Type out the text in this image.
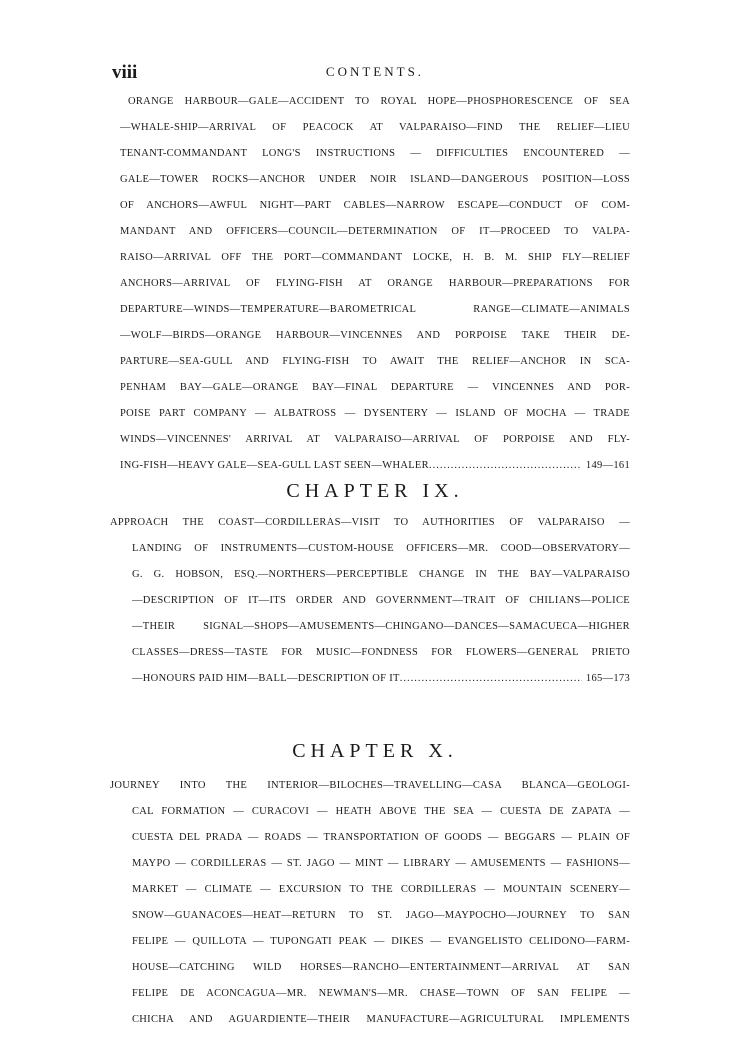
viii	CONTENTS.
ORANGE HARBOUR—GALE—ACCIDENT TO ROYAL HOPE—PHOSPHORESCENCE OF SEA
—WHALE-SHIP—ARRIVAL OF PEACOCK AT VALPARAISO—FIND THE RELIEF—LIEU
TENANT-COMMANDANT LONG'S INSTRUCTIONS — DIFFICULTIES ENCOUNTERED —
GALE—TOWER ROCKS—ANCHOR UNDER NOIR ISLAND—DANGEROUS POSITION—LOSS
OF ANCHORS—AWFUL NIGHT—PART CABLES—NARROW ESCAPE—CONDUCT OF COM-
MANDANT AND OFFICERS—COUNCIL—DETERMINATION OF IT—PROCEED TO VALPA-
RAISO—ARRIVAL OFF THE PORT—COMMANDANT LOCKE, H. B. M. SHIP FLY—RELIEF
ANCHORS—ARRIVAL OF FLYING-FISH AT ORANGE HARBOUR—PREPARATIONS FOR
DEPARTURE—WINDS—TEMPERATURE—BAROMETRICAL RANGE—CLIMATE—ANIMALS
—WOLF—BIRDS—ORANGE HARBOUR—VINCENNES AND PORPOISE TAKE THEIR DE-
PARTURE—SEA-GULL AND FLYING-FISH TO AWAIT THE RELIEF—ANCHOR IN SCA-
PENHAM BAY—GALE—ORANGE BAY—FINAL DEPARTURE — VINCENNES AND POR-
POISE PART COMPANY — ALBATROSS — DYSENTERY — ISLAND OF MOCHA — TRADE
WINDS—VINCENNES' ARRIVAL AT VALPARAISO—ARRIVAL OF PORPOISE AND FLY-
ING-FISH—HEAVY GALE—SEA-GULL LAST SEEN—WHALER .....	149—161
CHAPTER IX.
APPROACH THE COAST—CORDILLERAS—VISIT TO AUTHORITIES OF VALPARAISO —
LANDING OF INSTRUMENTS—CUSTOM-HOUSE OFFICERS—MR. COOD—OBSERVATORY—
G. G. HOBSON, ESQ.—NORTHERS—PERCEPTIBLE CHANGE IN THE BAY—VALPARAISO
—DESCRIPTION OF IT—ITS ORDER AND GOVERNMENT—TRAIT OF CHILIANS—POLICE
—THEIR SIGNAL—SHOPS—AMUSEMENTS—CHINGANO—DANCES—SAMACUECA—HIGHER
CLASSES—DRESS—TASTE FOR MUSIC—FONDNESS FOR FLOWERS—GENERAL PRIETO
—HONOURS PAID HIM—BALL—DESCRIPTION OF IT .....	165—173
CHAPTER X.
JOURNEY INTO THE INTERIOR—BILOCHES—TRAVELLING—CASA BLANCA—GEOLOGI-
CAL FORMATION — CURACOVI — HEATH ABOVE THE SEA — CUESTA DE ZAPATA —
CUESTA DEL PRADA — ROADS — TRANSPORTATION OF GOODS — BEGGARS — PLAIN OF
MAYPO — CORDILLERAS — ST. JAGO — MINT — LIBRARY — AMUSEMENTS — FASHIONS—
MARKET — CLIMATE — EXCURSION TO THE CORDILLERAS — MOUNTAIN SCENERY—
SNOW—GUANACOES—HEAT—RETURN TO ST. JAGO—MAYPOCHO—JOURNEY TO SAN
FELIPE — QUILLOTA — TUPONGATI PEAK — DIKES — EVANGELISTO CELIDONO—FARM-
HOUSE—CATCHING WILD HORSES—RANCHO—ENTERTAINMENT—ARRIVAL AT SAN
FELIPE DE ACONCAGUA—MR. NEWMAN'S—MR. CHASE—TOWN OF SAN FELIPE —
CHICHA AND AGUARDIENTE—THEIR MANUFACTURE—AGRICULTURAL IMPLEMENTS
